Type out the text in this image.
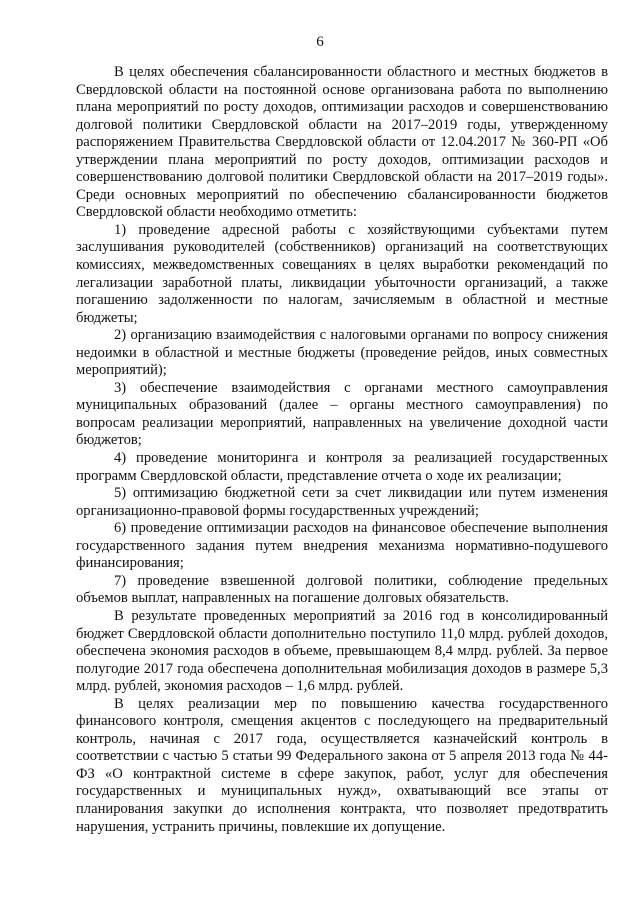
6

В целях обеспечения сбалансированности областного и местных бюджетов в Свердловской области на постоянной основе организована работа по выполнению плана мероприятий по росту доходов, оптимизации расходов и совершенствованию долговой политики Свердловской области на 2017–2019 годы, утвержденному распоряжением Правительства Свердловской области от 12.04.2017 № 360-РП «Об утверждении плана мероприятий по росту доходов, оптимизации расходов и совершенствованию долговой политики Свердловской области на 2017–2019 годы». Среди основных мероприятий по обеспечению сбалансированности бюджетов Свердловской области необходимо отметить:

1) проведение адресной работы с хозяйствующими субъектами путем заслушивания руководителей (собственников) организаций на соответствующих комиссиях, межведомственных совещаниях в целях выработки рекомендаций по легализации заработной платы, ликвидации убыточности организаций, а также погашению задолженности по налогам, зачисляемым в областной и местные бюджеты;

2) организацию взаимодействия с налоговыми органами по вопросу снижения недоимки в областной и местные бюджеты (проведение рейдов, иных совместных мероприятий);

3) обеспечение взаимодействия с органами местного самоуправления муниципальных образований (далее – органы местного самоуправления) по вопросам реализации мероприятий, направленных на увеличение доходной части бюджетов;

4) проведение мониторинга и контроля за реализацией государственных программ Свердловской области, представление отчета о ходе их реализации;

5) оптимизацию бюджетной сети за счет ликвидации или путем изменения организационно-правовой формы государственных учреждений;

6) проведение оптимизации расходов на финансовое обеспечение выполнения государственного задания путем внедрения механизма нормативно-подушевого финансирования;

7) проведение взвешенной долговой политики, соблюдение предельных объемов выплат, направленных на погашение долговых обязательств.

В результате проведенных мероприятий за 2016 год в консолидированный бюджет Свердловской области дополнительно поступило 11,0 млрд. рублей доходов, обеспечена экономия расходов в объеме, превышающем 8,4 млрд. рублей. За первое полугодие 2017 года обеспечена дополнительная мобилизация доходов в размере 5,3 млрд. рублей, экономия расходов – 1,6 млрд. рублей.

В целях реализации мер по повышению качества государственного финансового контроля, смещения акцентов с последующего на предварительный контроль, начиная с 2017 года, осуществляется казначейский контроль в соответствии с частью 5 статьи 99 Федерального закона от 5 апреля 2013 года № 44-ФЗ «О контрактной системе в сфере закупок, работ, услуг для обеспечения государственных и муниципальных нужд», охватывающий все этапы от планирования закупки до исполнения контракта, что позволяет предотвратить нарушения, устранить причины, повлекшие их допущение.
